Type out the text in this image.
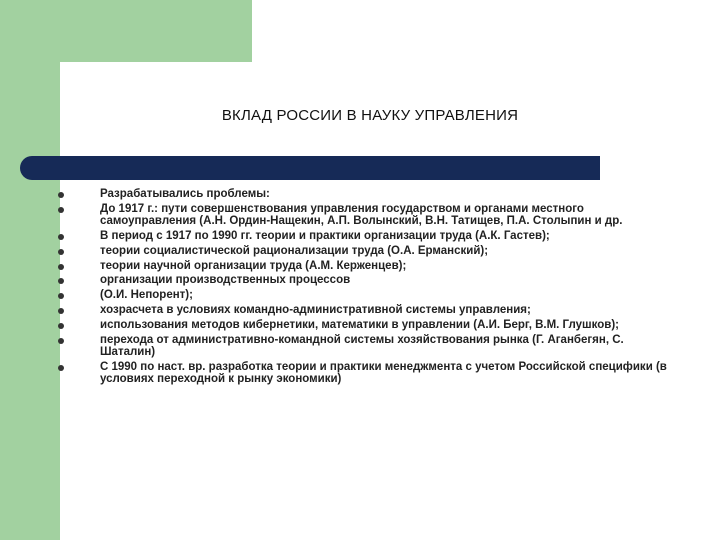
ВКЛАД РОССИИ В НАУКУ УПРАВЛЕНИЯ
Разрабатывались проблемы:
До 1917 г.: пути совершенствования управления государством и органами местного самоуправления (А.Н. Ордин-Нащекин, А.П. Волынский, В.Н. Татищев, П.А. Столыпин и др.
В период с 1917 по 1990 гг. теории и практики организации труда (А.К. Гастев);
теории социалистической рационализации труда (О.А. Ерманский);
теории научной организации труда (А.М. Керженцев);
организации производственных процессов
(О.И. Непорент);
хозрасчета в условиях командно-административной системы управления;
использования методов кибернетики, математики в управлении (А.И. Берг, В.М. Глушков);
перехода от административно-командной системы хозяйствования рынка (Г. Аганбегян, С. Шаталин)
С 1990 по наст. вр. разработка теории и практики менеджмента с учетом Российской специфики (в условиях переходной к рынку экономики)
